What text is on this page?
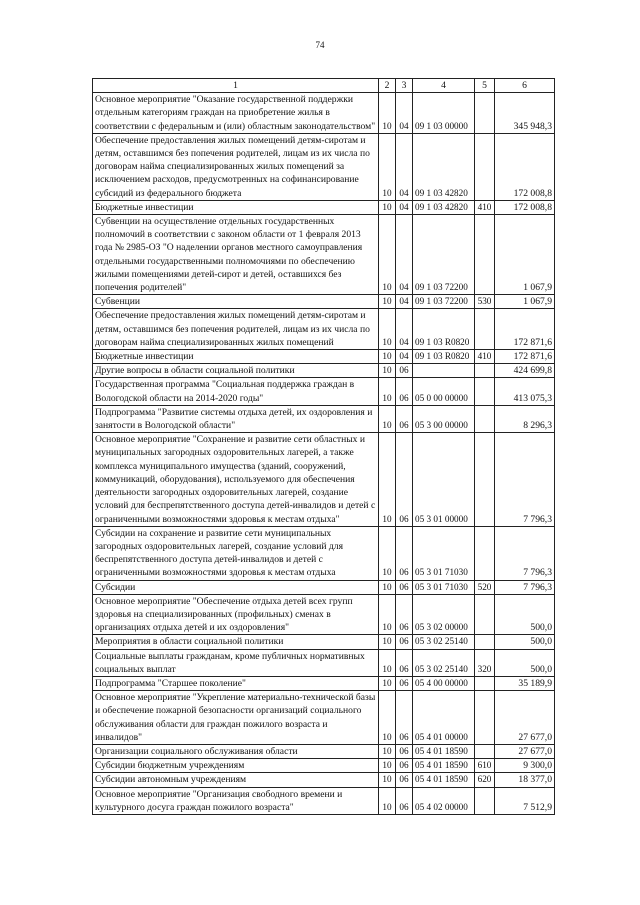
74
1	2	3	4	5	6
Основное мероприятие "Оказание государственной поддержки отдельным категориям граждан на приобретение жилья в соответствии с федеральным и (или) областным законодательством"	10	04	09 1 03 00000		345 948,3
Обеспечение предоставления жилых помещений детям-сиротам и детям, оставшимся без попечения родителей, лицам из их числа по договорам найма специализированных жилых помещений за исключением расходов, предусмотренных на софинансирование субсидий из федерального бюджета	10	04	09 1 03 42820		172 008,8
Бюджетные инвестиции	10	04	09 1 03 42820	410	172 008,8
Субвенции на осуществление отдельных государственных полномочий в соответствии с законом области от 1 февраля 2013 года № 2985-ОЗ "О наделении органов местного самоуправления отдельными государственными полномочиями по обеспечению жилыми помещениями детей-сирот и детей, оставшихся без попечения родителей"	10	04	09 1 03 72200		1 067,9
Субвенции	10	04	09 1 03 72200	530	1 067,9
Обеспечение предоставления жилых помещений детям-сиротам и детям, оставшимся без попечения родителей, лицам из их числа по договорам найма специализированных жилых помещений	10	04	09 1 03 R0820		172 871,6
Бюджетные инвестиции	10	04	09 1 03 R0820	410	172 871,6
Другие вопросы в области социальной политики	10	06			424 699,8
Государственная программа "Социальная поддержка граждан в Вологодской области на 2014-2020 годы"	10	06	05 0 00 00000		413 075,3
Подпрограмма "Развитие системы отдыха детей, их оздоровления и занятости в Вологодской области"	10	06	05 3 00 00000		8 296,3
Основное мероприятие "Сохранение и развитие сети областных и муниципальных загородных оздоровительных лагерей, а также комплекса муниципального имущества (зданий, сооружений, коммуникаций, оборудования), используемого для обеспечения деятельности загородных оздоровительных лагерей, создание условий для беспрепятственного доступа детей-инвалидов и детей с ограниченными возможностями здоровья к местам отдыха"	10	06	05 3 01 00000		7 796,3
Субсидии на сохранение и развитие сети муниципальных загородных оздоровительных лагерей, создание условий для беспрепятственного доступа детей-инвалидов и детей с ограниченными возможностями здоровья к местам отдыха	10	06	05 3 01 71030		7 796,3
Субсидии	10	06	05 3 01 71030	520	7 796,3
Основное мероприятие "Обеспечение отдыха детей всех групп здоровья на специализированных (профильных) сменах в организациях отдыха детей и их оздоровления"	10	06	05 3 02 00000		500,0
Мероприятия в области социальной политики	10	06	05 3 02 25140		500,0
Социальные выплаты гражданам, кроме публичных нормативных социальных выплат	10	06	05 3 02 25140	320	500,0
Подпрограмма "Старшее поколение"	10	06	05 4 00 00000		35 189,9
Основное мероприятие "Укрепление материально-технической базы и обеспечение пожарной безопасности организаций социального обслуживания области для граждан пожилого возраста и инвалидов"	10	06	05 4 01 00000		27 677,0
Организации социального обслуживания области	10	06	05 4 01 18590		27 677,0
Субсидии бюджетным учреждениям	10	06	05 4 01 18590	610	9 300,0
Субсидии автономным учреждениям	10	06	05 4 01 18590	620	18 377,0
Основное мероприятие "Организация свободного времени и культурного досуга граждан пожилого возраста"	10	06	05 4 02 00000		7 512,9
